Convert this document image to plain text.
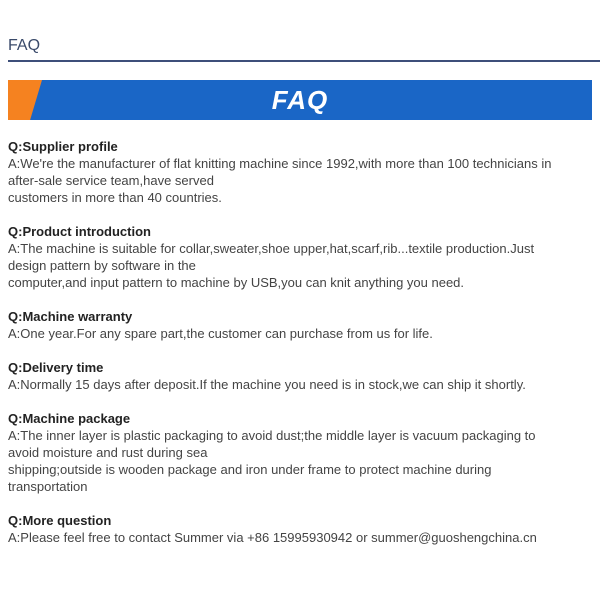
FAQ
FAQ

Q:Supplier profile

A:We're the manufacturer of flat knitting machine since 1992,with more than 100 technicians in

after-sale service team,have served

customers in more than 40 countries.

Q:Product introduction

A:The machine is suitable for collar,sweater,shoe upper,hat,scarf,rib...textile production.Just

design pattern by software in the

computer,and input pattern to machine by USB,you can knit anything you need.

Q:Machine warranty

A:One year.For any spare part,the customer can purchase from us for life.

Q:Delivery time

A:Normally 15 days after deposit.If the machine you need is in stock,we can ship it shortly.

Q:Machine package

A:The inner layer is plastic packaging to avoid dust;the middle layer is vacuum packaging to

avoid moisture and rust during sea

shipping;outside is wooden package and iron under frame to protect machine during

transportation

Q:More question

A:Please feel free to contact Summer via +86 15995930942 or summer@guoshengchina.cn
